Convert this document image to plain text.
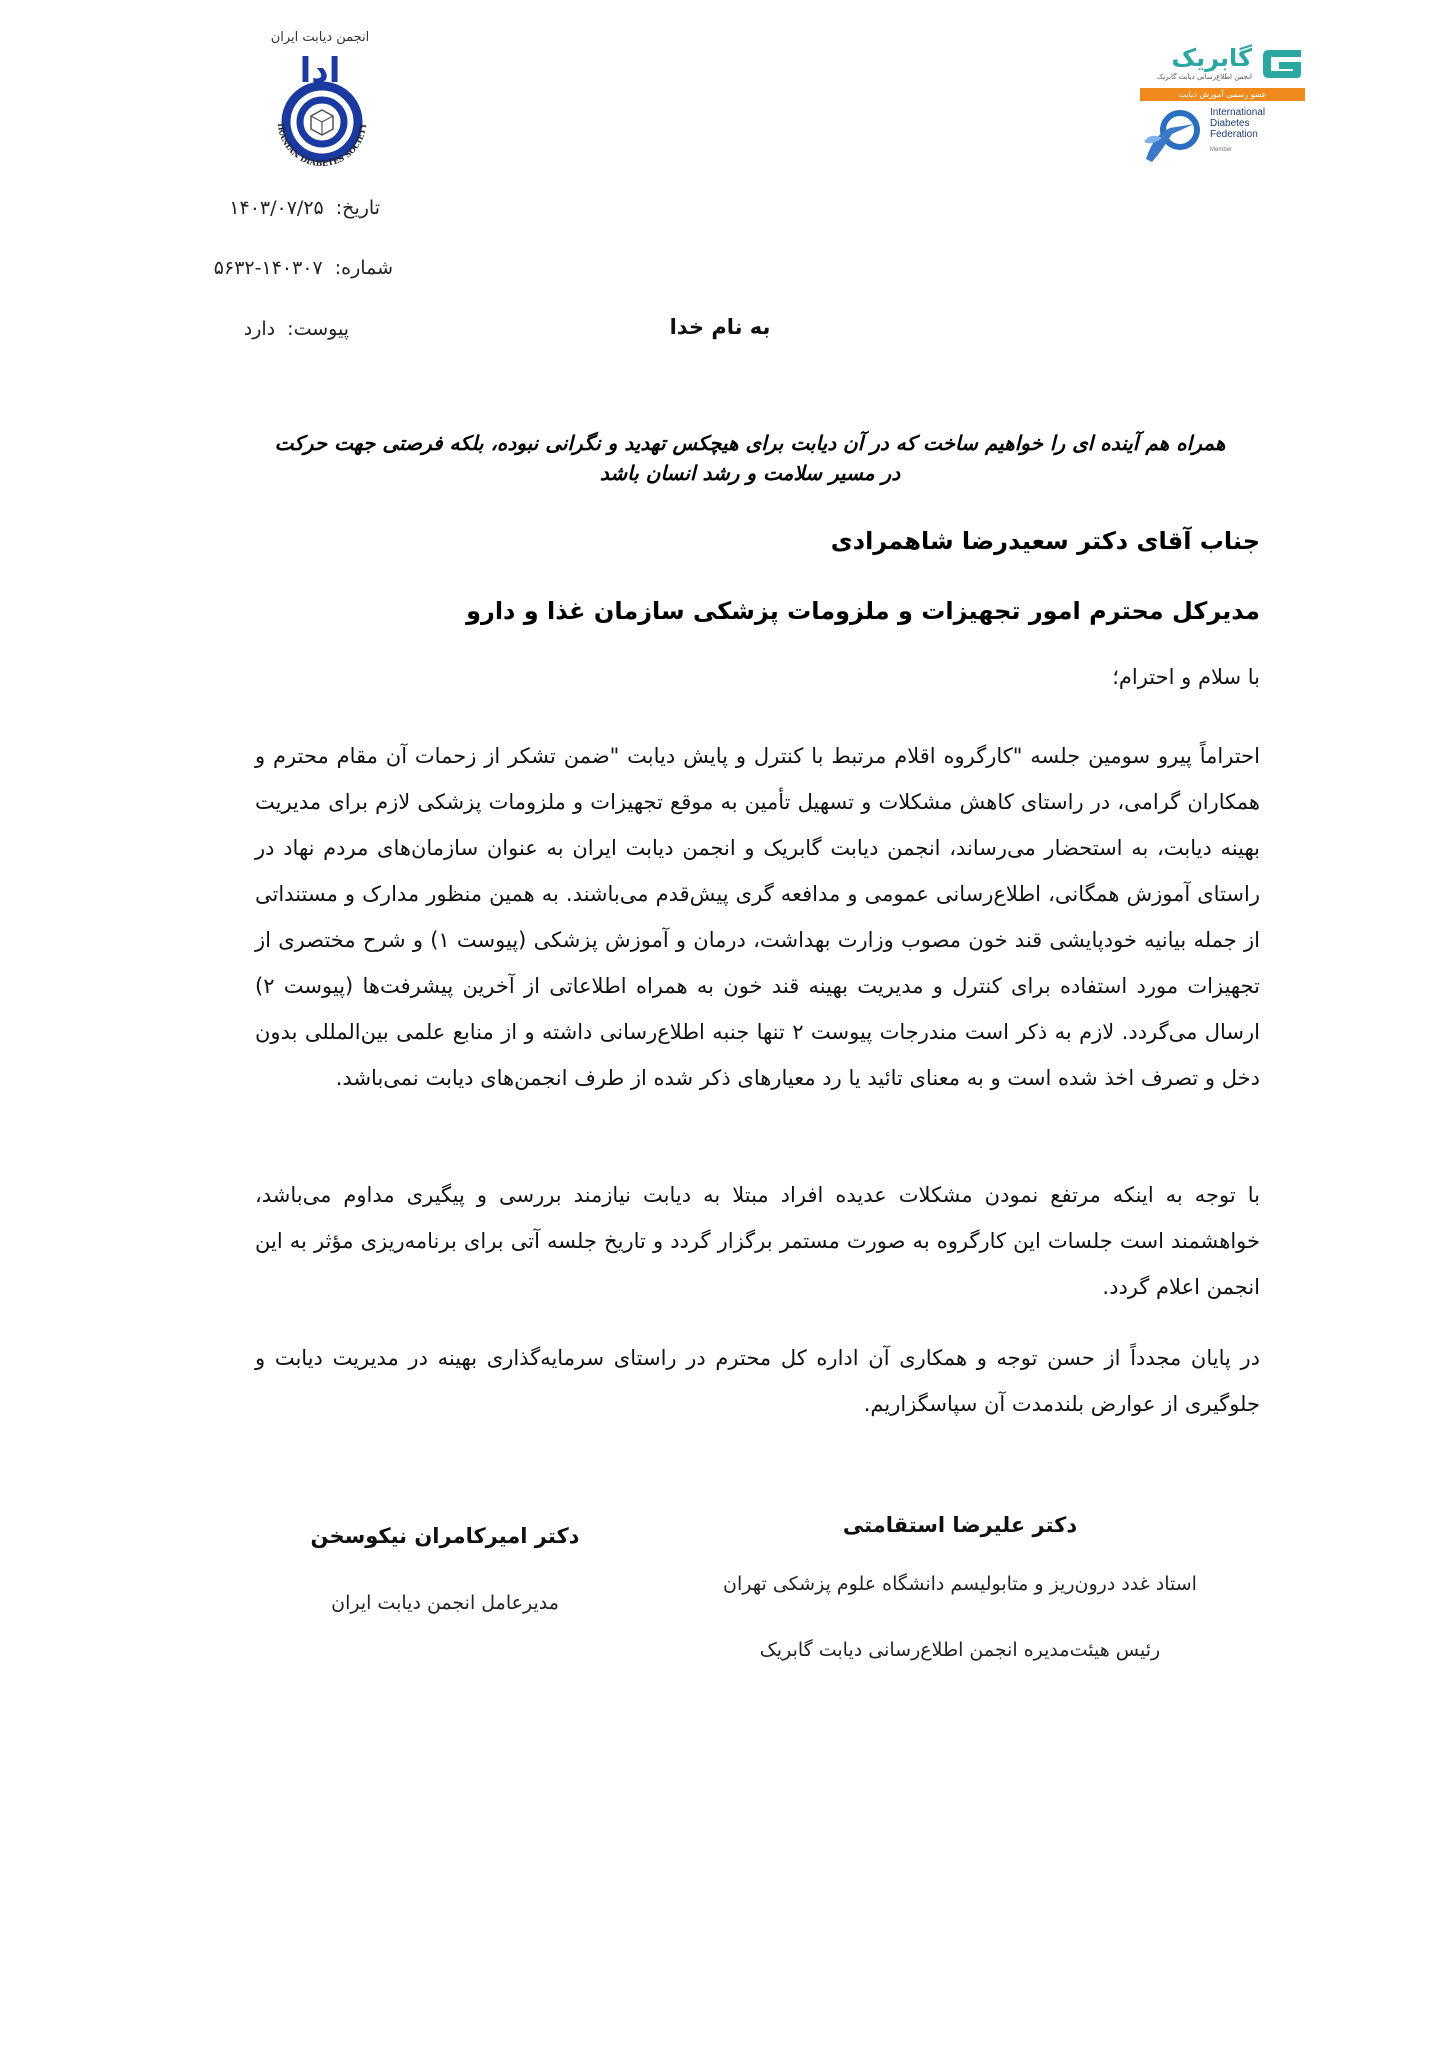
انجمن دیابت ایران
ادا
IRANIAN DIABETES SOCIETY
گابریک
انجمن اطلاع‌رسانی دیابت گابریک
عضو رسمی آموزش دیابت
International
Diabetes
Federation
Member
تاریخ: ۱۴۰۳/۰۷/۲۵
شماره: ۱۴۰۳۰۷-۵۶۳۲
پیوست: دارد	به نام خدا
همراه هم آینده ای را خواهیم ساخت که در آن دیابت برای هیچکس تهدید و نگرانی نبوده، بلکه فرصتی جهت حرکت در مسیر سلامت و رشد انسان باشد
جناب آقای دکتر سعیدرضا شاهمرادی
مدیرکل محترم امور تجهیزات و ملزومات پزشکی سازمان غذا و دارو
با سلام و احترام؛

احتراماً پیرو سومین جلسه "کارگروه اقلام مرتبط با کنترل و پایش دیابت "ضمن تشکر از زحمات آن مقام محترم و همکاران گرامی، در راستای کاهش مشکلات و تسهیل تأمین به موقع تجهیزات و ملزومات پزشکی لازم برای مدیریت بهینه دیابت، به استحضار می‌رساند، انجمن دیابت گابریک و انجمن دیابت ایران به عنوان سازمان‌های مردم نهاد در راستای آموزش همگانی، اطلاع‌رسانی عمومی و مدافعه گری پیش‌قدم می‌باشند. به همین منظور مدارک و مستنداتی از جمله بیانیه خودپایشی قند خون مصوب وزارت بهداشت، درمان و آموزش پزشکی (پیوست ۱) و شرح مختصری از تجهیزات مورد استفاده برای کنترل و مدیریت بهینه قند خون به همراه اطلاعاتی از آخرین پیشرفت‌ها (پیوست ۲) ارسال می‌گردد. لازم به ذکر است مندرجات پیوست ۲ تنها جنبه اطلاع‌رسانی داشته و از منابع علمی بین‌المللی بدون دخل و تصرف اخذ شده است و به معنای تائید یا رد معیارهای ذکر شده از طرف انجمن‌های دیابت نمی‌باشد.

با توجه به اینکه مرتفع نمودن مشکلات عدیده افراد مبتلا به دیابت نیازمند بررسی و پیگیری مداوم می‌باشد، خواهشمند است جلسات این کارگروه به صورت مستمر برگزار گردد و تاریخ جلسه آتی برای برنامه‌ریزی مؤثر به این انجمن اعلام گردد.

در پایان مجدداً از حسن توجه و همکاری آن اداره کل محترم در راستای سرمایه‌گذاری بهینه در مدیریت دیابت و جلوگیری از عوارض بلندمدت آن سپاسگزاریم.

دکتر علیرضا استقامتی
استاد غدد درون‌ریز و متابولیسم دانشگاه علوم پزشکی تهران
رئیس هیئت‌مدیره انجمن اطلاع‌رسانی دیابت گابریک
دکتر امیرکامران نیکوسخن
مدیرعامل انجمن دیابت ایران
